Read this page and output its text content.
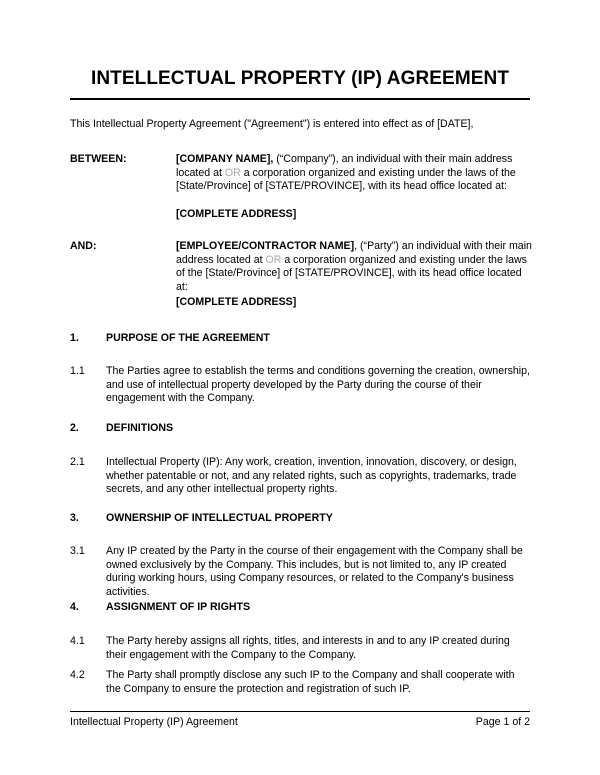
INTELLECTUAL PROPERTY (IP) AGREEMENT
This Intellectual Property Agreement ("Agreement") is entered into effect as of [DATE],
BETWEEN:	[COMPANY NAME], (“Company”), an individual with their main address located at OR a corporation organized and existing under the laws of the [State/Province] of [STATE/PROVINCE], with its head office located at:
[COMPLETE ADDRESS]
AND:	[EMPLOYEE/CONTRACTOR NAME], (“Party”) an individual with their main address located at OR a corporation organized and existing under the laws of the [State/Province] of [STATE/PROVINCE], with its head office located at:
[COMPLETE ADDRESS]
1.	PURPOSE OF THE AGREEMENT
1.1 The Parties agree to establish the terms and conditions governing the creation, ownership, and use of intellectual property developed by the Party during the course of their engagement with the Company.
2.	DEFINITIONS
2.1 Intellectual Property (IP): Any work, creation, invention, innovation, discovery, or design, whether patentable or not, and any related rights, such as copyrights, trademarks, trade secrets, and any other intellectual property rights.
3.	OWNERSHIP OF INTELLECTUAL PROPERTY
3.1 Any IP created by the Party in the course of their engagement with the Company shall be owned exclusively by the Company. This includes, but is not limited to, any IP created during working hours, using Company resources, or related to the Company's business activities.
4.	ASSIGNMENT OF IP RIGHTS
4.1 The Party hereby assigns all rights, titles, and interests in and to any IP created during their engagement with the Company to the Company.
4.2 The Party shall promptly disclose any such IP to the Company and shall cooperate with the Company to ensure the protection and registration of such IP.
Intellectual Property (IP) Agreement	Page 1 of 2
